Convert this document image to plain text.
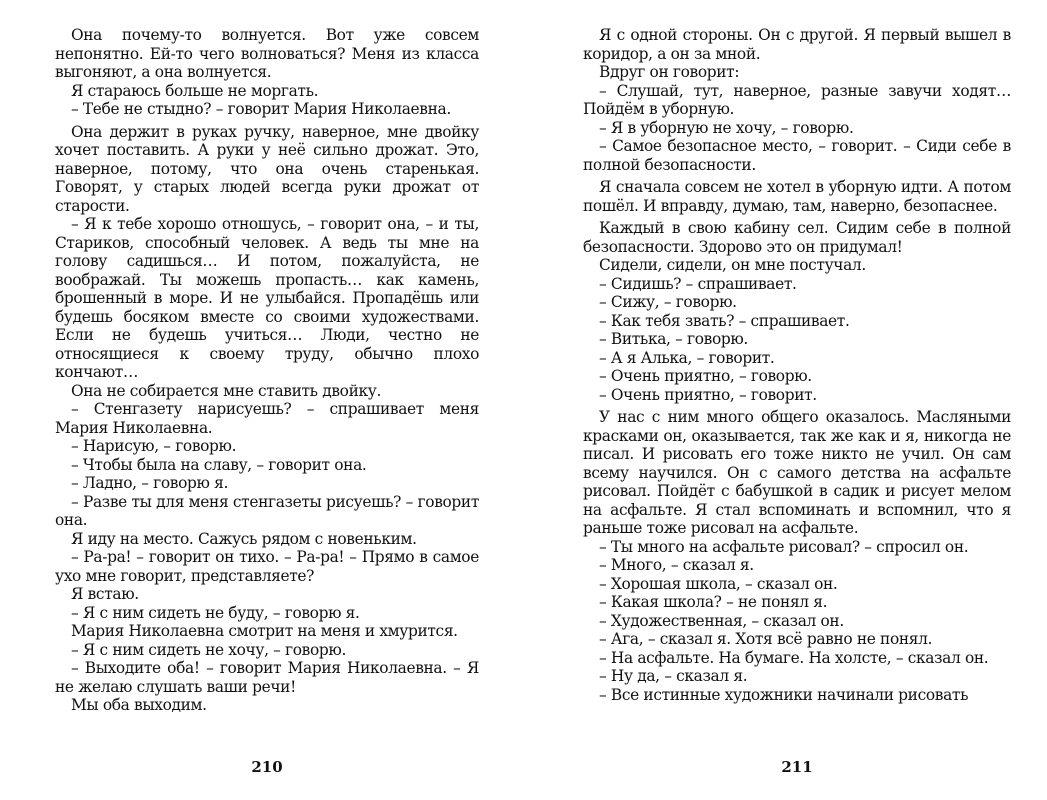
Она почему-то волнуется. Вот уже совсем непонятно. Ей-то чего волноваться? Меня из класса выгоняют, а она волнуется.

Я стараюсь больше не моргать.

– Тебе не стыдно? – говорит Мария Николаевна.

Она держит в руках ручку, наверное, мне двойку хочет поставить. А руки у неё сильно дрожат. Это, наверное, потому, что она очень старенькая. Говорят, у старых людей всегда руки дрожат от старости.

– Я к тебе хорошо отношусь, – говорит она, – и ты, Стариков, способный человек. А ведь ты мне на голову садишься… И потом, пожалуйста, не воображай. Ты можешь пропасть… как камень, брошенный в море. И не улыбайся. Пропадёшь или будешь босяком вместе со своими художествами. Если не будешь учиться… Люди, честно не относящиеся к своему труду, обычно плохо кончают…

Она не собирается мне ставить двойку.

– Стенгазету нарисуешь? – спрашивает меня Мария Николаевна.

– Нарисую, – говорю.

– Чтобы была на славу, – говорит она.

– Ладно, – говорю я.

– Разве ты для меня стенгазеты рисуешь? – говорит она.

Я иду на место. Сажусь рядом с новеньким.

– Ра-ра! – говорит он тихо. – Ра-ра! – Прямо в самое ухо мне говорит, представляете?

Я встаю.

– Я с ним сидеть не буду, – говорю я.

Мария Николаевна смотрит на меня и хмурится.

– Я с ним сидеть не хочу, – говорю.

– Выходите оба! – говорит Мария Николаевна. – Я не желаю слушать ваши речи!

Мы оба выходим.

210

Я с одной стороны. Он с другой. Я первый вышел в коридор, а он за мной.

Вдруг он говорит:

– Слушай, тут, наверное, разные завучи ходят… Пойдём в уборную.

– Я в уборную не хочу, – говорю.

– Самое безопасное место, – говорит. – Сиди себе в полной безопасности.

Я сначала совсем не хотел в уборную идти. А потом пошёл. И вправду, думаю, там, наверно, безопаснее.

Каждый в свою кабину сел. Сидим себе в полной безопасности. Здорово это он придумал!

Сидели, сидели, он мне постучал.

– Сидишь? – спрашивает.

– Сижу, – говорю.

– Как тебя звать? – спрашивает.

– Витька, – говорю.

– А я Алька, – говорит.

– Очень приятно, – говорю.

– Очень приятно, – говорит.

У нас с ним много общего оказалось. Масляными красками он, оказывается, так же как и я, никогда не писал. И рисовать его тоже никто не учил. Он сам всему научился. Он с самого детства на асфальте рисовал. Пойдёт с бабушкой в садик и рисует мелом на асфальте. Я стал вспоминать и вспомнил, что я раньше тоже рисовал на асфальте.

– Ты много на асфальте рисовал? – спросил он.

– Много, – сказал я.

– Хорошая школа, – сказал он.

– Какая школа? – не понял я.

– Художественная, – сказал он.

– Ага, – сказал я. Хотя всё равно не понял.

– На асфальте. На бумаге. На холсте, – сказал он.

– Ну да, – сказал я.

– Все истинные художники начинали рисовать

211
